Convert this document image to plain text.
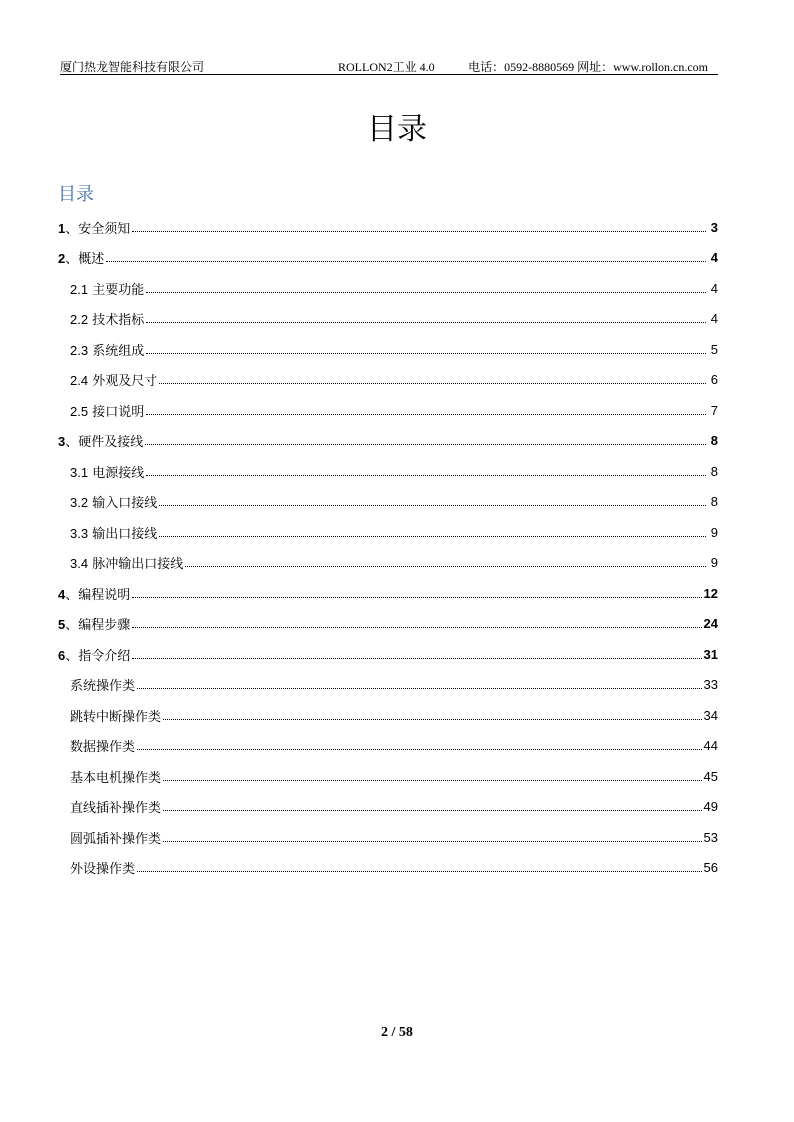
厦门热龙智能科技有限公司	ROLLON2工业 4.0	电话：0592-8880569 网址：www.rollon.cn.com
目录
目录
1、安全须知	3
2、概述	4
2.1 主要功能	4
2.2 技术指标	4
2.3 系统组成	5
2.4 外观及尺寸	6
2.5 接口说明	7
3、硬件及接线	8
3.1 电源接线	8
3.2 输入口接线	8
3.3 输出口接线	9
3.4 脉冲输出口接线	9
4、编程说明	12
5、编程步骤	24
6、指令介绍	31
系统操作类	33
跳转中断操作类	34
数据操作类	44
基本电机操作类	45
直线插补操作类	49
圆弧插补操作类	53
外设操作类	56
2 / 58
